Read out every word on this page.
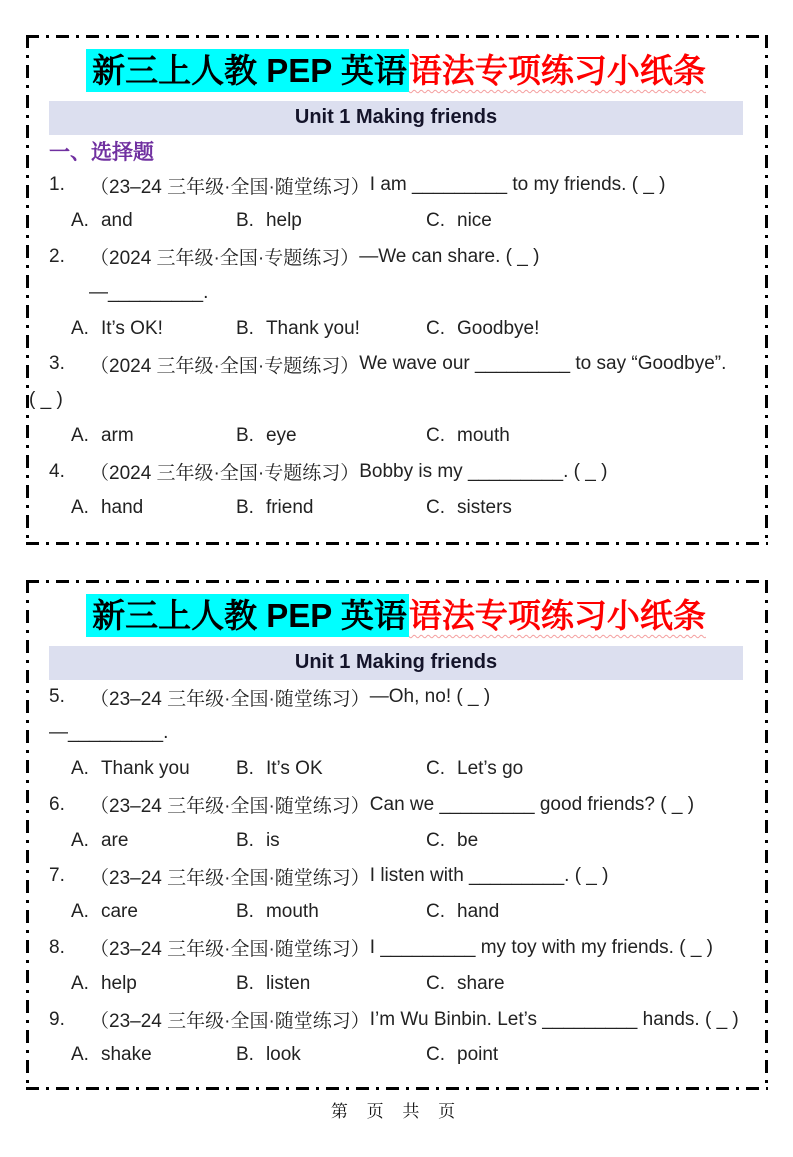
新三上人教 PEP 英语语法专项练习小纸条
Unit 1 Making friends
一、选择题
1.	（23–24 三年级·全国·随堂练习） I am _________ to my friends. ( _ )
A. and	B. help	C. nice
2.	（2024 三年级·全国·专题练习） —We can share. ( _ )
—_________.
A. It’s OK!	B. Thank you!	C. Goodbye!
3.	（2024 三年级·全国·专题练习） We wave our _________ to say “Goodbye”.
( _ )
A. arm	B. eye	C. mouth
4.	（2024 三年级·全国·专题练习） Bobby is my _________. ( _ )
A. hand	B. friend	C. sisters
新三上人教 PEP 英语语法专项练习小纸条
Unit 1 Making friends
5.	（23–24 三年级·全国·随堂练习） —Oh, no! ( _ )
—_________.
A. Thank you B. It’s OK	C. Let’s go
6.	（23–24 三年级·全国·随堂练习） Can we _________ good friends? ( _ )
A. are	B. is	C. be
7.	（23–24 三年级·全国·随堂练习） I listen with _________. ( _ )
A. care	B. mouth	C. hand
8.	（23–24 三年级·全国·随堂练习） I _________ my toy with my friends. ( _ )
A. help	B. listen	C. share
9.	（23–24 三年级·全国·随堂练习） I’m Wu Binbin. Let’s _________ hands. ( _ )
A. shake	B. look	C. point
第 页 共 页
